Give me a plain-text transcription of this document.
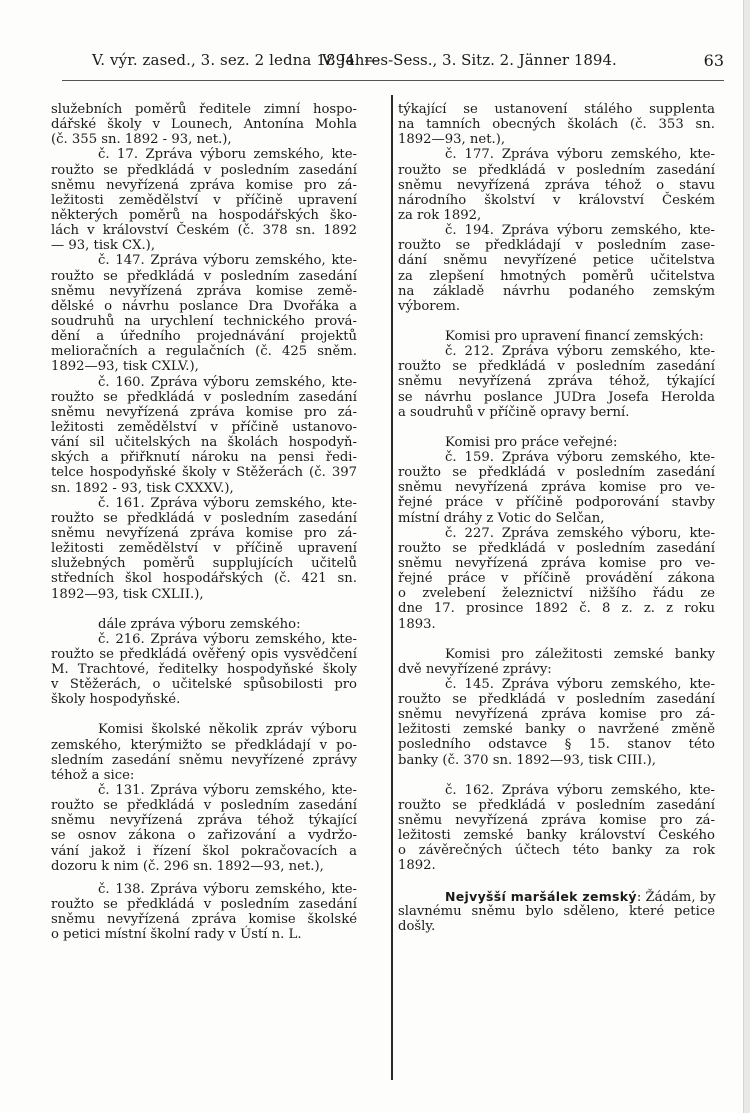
V. výr. zased., 3. sez. 2 ledna 1894. —
V. Jahres-Sess., 3. Sitz. 2. Jänner 1894.	63
služebních poměrů ředitele zimní hospo-
dářské školy v Lounech, Antonína Mohla
(č. 355 sn. 1892 - 93, net.),
č. 17. Zpráva výboru zemského, kte-
roužto se předkládá v posledním zasedání
sněmu nevyřízená zpráva komise pro zá-
ležitosti zemědělství v příčině upravení
některých poměrů na hospodářských ško-
lách v království Českém (č. 378 sn. 1892
— 93, tisk CX.),
č. 147. Zpráva výboru zemského, kte-
roužto se předkládá v posledním zasedání
sněmu nevyřízená zpráva komise země-
dělské o návrhu poslance Dra Dvořáka a
soudruhů na urychlení technického prová-
dění a úředního projednávání projektů
melioračních a regulačních (č. 425 sněm.
1892—93, tisk CXLV.),
č. 160. Zpráva výboru zemského, kte-
roužto se předkládá v posledním zasedání
sněmu nevyřízená zpráva komise pro zá-
ležitosti zemědělství v příčině ustanovo-
vání sil učitelských na školách hospodyň-
ských a přiřknutí nároku na pensi ředi-
telce hospodyňské školy v Stěžerách (č. 397
sn. 1892 - 93, tisk CXXXV.),
č. 161. Zpráva výboru zemského, kte-
roužto se předkládá v posledním zasedání
sněmu nevyřízená zpráva komise pro zá-
ležitosti zemědělství v příčině upravení
služebných poměrů supplujících učitelů
středních škol hospodářských (č. 421 sn.
1892—93, tisk CXLII.),
dále zpráva výboru zemského:
č. 216. Zpráva výboru zemského, kte-
roužto se předkládá ověřený opis vysvědčení
M. Trachtové, ředitelky hospodyňské školy
v Stěžerách, o učitelské spůsobilosti pro
školy hospodyňské.
Komisi školské několik zpráv výboru
zemského, kterýmižto se předkládají v po-
sledním zasedání sněmu nevyřízené zprávy
téhož a sice:
č. 131. Zpráva výboru zemského, kte-
roužto se předkládá v posledním zasedání
sněmu nevyřízená zpráva téhož týkající
se osnov zákona o zařizování a vydržo-
vání jakož i řízení škol pokračovacích a
dozoru k nim (č. 296 sn. 1892—93, net.),
č. 138. Zpráva výboru zemského, kte-
roužto se předkládá v posledním zasedání
sněmu nevyřízená zpráva komise školské
o petici místní školní rady v Ústí n. L.
týkající se ustanovení stálého supplenta
na tamních obecných školách (č. 353 sn.
1892—93, net.),
č. 177. Zpráva výboru zemského, kte-
roužto se předkládá v posledním zasedání
sněmu nevyřízená zpráva téhož o stavu
národního školství v království Českém
za rok 1892,
č. 194. Zpráva výboru zemského, kte-
roužto se předkládají v posledním zase-
dání sněmu nevyřízené petice učitelstva
za zlepšení hmotných poměrů učitelstva
na základě návrhu podaného zemským
výborem.
Komisi pro upravení financí zemských:
č. 212. Zpráva výboru zemského, kte-
roužto se předkládá v posledním zasedání
sněmu nevyřízená zpráva téhož, týkající
se návrhu poslance JUDra Josefa Herolda
a soudruhů v příčině opravy berní.
Komisi pro práce veřejné:
č. 159. Zpráva výboru zemského, kte-
roužto se předkládá v posledním zasedání
sněmu nevyřízená zpráva komise pro ve-
řejné práce v příčině podporování stavby
místní dráhy z Votic do Selčan,
č. 227. Zpráva zemského výboru, kte-
roužto se předkládá v posledním zasedání
sněmu nevyřízená zpráva komise pro ve-
řejné práce v příčině provádění zákona
o zvelebení železnictví nižšího řádu ze
dne 17. prosince 1892 č. 8 z. z. z roku
1893.
Komisi pro záležitosti zemské banky
dvě nevyřízené zprávy:
č. 145. Zpráva výboru zemského, kte-
roužto se předkládá v posledním zasedání
sněmu nevyřízená zpráva komise pro zá-
ležitosti zemské banky o navržené změně
posledního odstavce § 15. stanov této
banky (č. 370 sn. 1892—93, tisk CIII.),
č. 162. Zpráva výboru zemského, kte-
roužto se předkládá v posledním zasedání
sněmu nevyřízená zpráva komise pro zá-
ležitosti zemské banky království Českého
o závěrečných účtech této banky za rok
1892.
Nejvyšší maršálek zemský: Žádám, by
slavnému sněmu bylo sděleno, které petice
došly.
